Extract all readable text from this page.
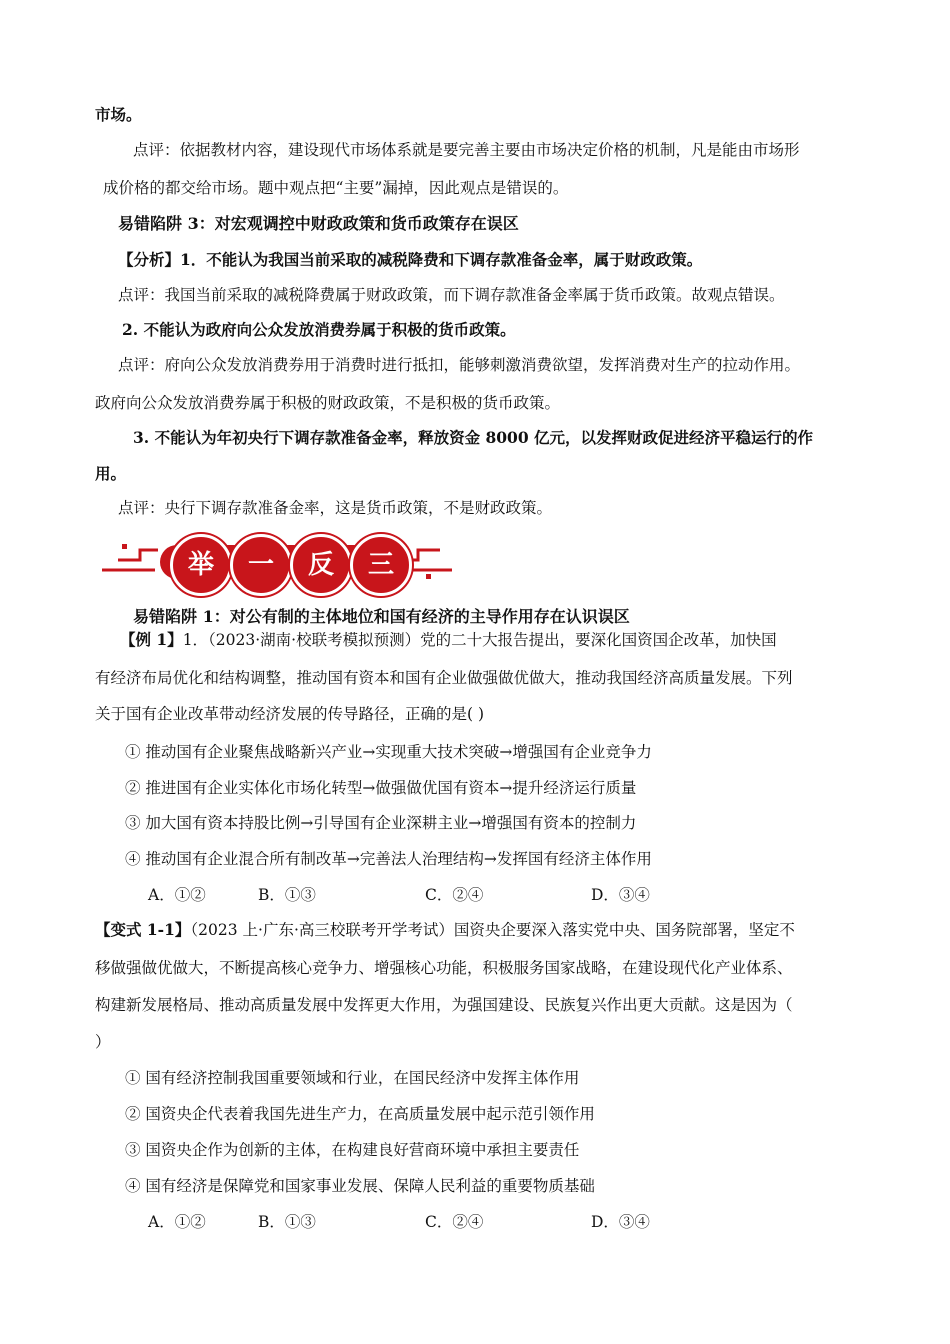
市场。
点评：依据教材内容，建设现代市场体系就是要完善主要由市场决定价格的机制，凡是能由市场形
成价格的都交给市场。题中观点把“主要”漏掉，因此观点是错误的。
易错陷阱 3：对宏观调控中财政政策和货币政策存在误区
【分析】1．不能认为我国当前采取的减税降费和下调存款准备金率，属于财政政策。
点评：我国当前采取的减税降费属于财政政策，而下调存款准备金率属于货币政策。故观点错误。
2. 不能认为政府向公众发放消费券属于积极的货币政策。
点评：府向公众发放消费券用于消费时进行抵扣，能够刺激消费欲望，发挥消费对生产的拉动作用。
政府向公众发放消费券属于积极的财政政策，不是积极的货币政策。
3. 不能认为年初央行下调存款准备金率，释放资金 8000 亿元，以发挥财政促进经济平稳运行的作
用。
点评：央行下调存款准备金率，这是货币政策，不是财政政策。
举	一	反	三
易错陷阱 1：对公有制的主体地位和国有经济的主导作用存在认识误区
【例 1】1．（2023·湖南·校联考模拟预测）党的二十大报告提出，要深化国资国企改革，加快国
有经济布局优化和结构调整，推动国有资本和国有企业做强做优做大，推动我国经济高质量发展。下列
关于国有企业改革带动经济发展的传导路径，正确的是( )
① 推动国有企业聚焦战略新兴产业→实现重大技术突破→增强国有企业竞争力
② 推进国有企业实体化市场化转型→做强做优国有资本→提升经济运行质量
③ 加大国有资本持股比例→引导国有企业深耕主业→增强国有资本的控制力
④ 推动国有企业混合所有制改革→完善法人治理结构→发挥国有经济主体作用
A．①②	B．①③	C．②④	D．③④
【变式 1-1】（2023 上·广东·高三校联考开学考试）国资央企要深入落实党中央、国务院部署，坚定不
移做强做优做大，不断提高核心竞争力、增强核心功能，积极服务国家战略，在建设现代化产业体系、
构建新发展格局、推动高质量发展中发挥更大作用，为强国建设、民族复兴作出更大贡献。这是因为（
）
① 国有经济控制我国重要领域和行业，在国民经济中发挥主体作用
② 国资央企代表着我国先进生产力，在高质量发展中起示范引领作用
③ 国资央企作为创新的主体，在构建良好营商环境中承担主要责任
④ 国有经济是保障党和国家事业发展、保障人民利益的重要物质基础
A．①②	B．①③	C．②④	D．③④
